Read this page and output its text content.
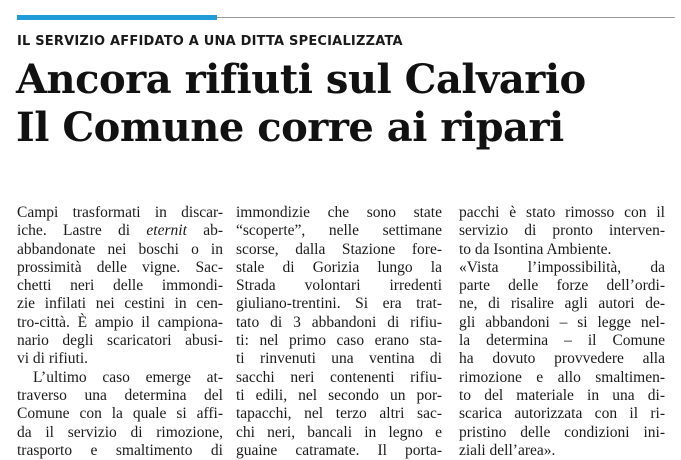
IL SERVIZIO AFFIDATO A UNA DITTA SPECIALIZZATA
Ancora rifiuti sul Calvario
Il Comune corre ai ripari
Campi trasformati in discar-
iche. Lastre di eternit ab-
abbandonate nei boschi o in
prossimità delle vigne. Sac-
chetti neri delle immondi-
zie infilati nei cestini in cen-
tro-città. È ampio il campiona-
nario degli scaricatori abusi-
vi di rifiuti.
L’ultimo caso emerge at-
traverso una determina del
Comune con la quale si affi-
da il servizio di rimozione,
trasporto e smaltimento di
immondizie che sono state
“scoperte”, nelle settimane
scorse, dalla Stazione fore-
stale di Gorizia lungo la
Strada volontari irredenti
giuliano-trentini. Si era trat-
tato di 3 abbandoni di rifiu-
ti: nel primo caso erano sta-
ti rinvenuti una ventina di
sacchi neri contenenti rifiu-
ti edili, nel secondo un por-
tapacchi, nel terzo altri sac-
chi neri, bancali in legno e
guaine catramate. Il porta-
pacchi è stato rimosso con il
servizio di pronto interven-
to da Isontina Ambiente.
«Vista l’impossibilità, da
parte delle forze dell’ordi-
ne, di risalire agli autori de-
gli abbandoni – si legge nel-
la determina – il Comune
ha dovuto provvedere alla
rimozione e allo smaltimen-
to del materiale in una di-
scarica autorizzata con il ri-
pristino delle condizioni ini-
ziali dell’area».
